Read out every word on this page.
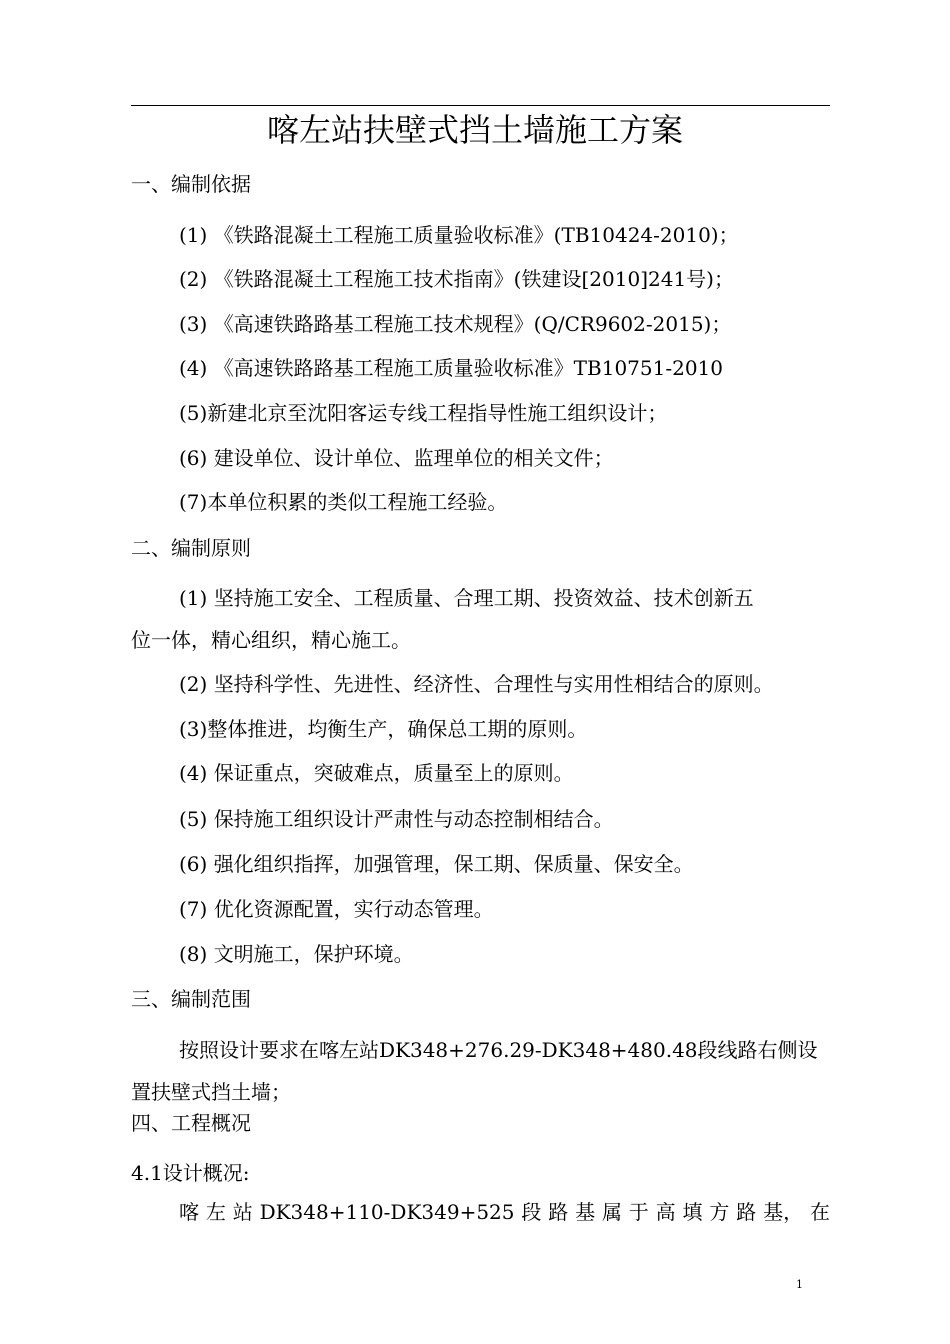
喀左站扶壁式挡土墙施工方案
一、编制依据
(1) 《铁路混凝土工程施工质量验收标准》(TB10424-2010)；
(2) 《铁路混凝土工程施工技术指南》(铁建设[2010]241号)；
(3) 《高速铁路路基工程施工技术规程》(Q/CR9602-2015)；
(4) 《高速铁路路基工程施工质量验收标准》TB10751-2010
(5)新建北京至沈阳客运专线工程指导性施工组织设计；
(6) 建设单位、设计单位、监理单位的相关文件；
(7)本单位积累的类似工程施工经验。
二、编制原则
(1) 坚持施工安全、工程质量、合理工期、投资效益、技术创新五
位一体，精心组织，精心施工。
(2) 坚持科学性、先进性、经济性、合理性与实用性相结合的原则。
(3)整体推进，均衡生产，确保总工期的原则。
(4) 保证重点，突破难点，质量至上的原则。
(5) 保持施工组织设计严肃性与动态控制相结合。
(6) 强化组织指挥，加强管理，保工期、保质量、保安全。
(7) 优化资源配置，实行动态管理。
(8) 文明施工，保护环境。
三、编制范围
按照设计要求在喀左站DK348+276.29-DK348+480.48段线路右侧设
置扶壁式挡土墙；
四、工程概况
4.1设计概况:
喀 左 站 DK348+110-DK349+525 段 路 基 属 于 高 填 方 路 基， 在
1
